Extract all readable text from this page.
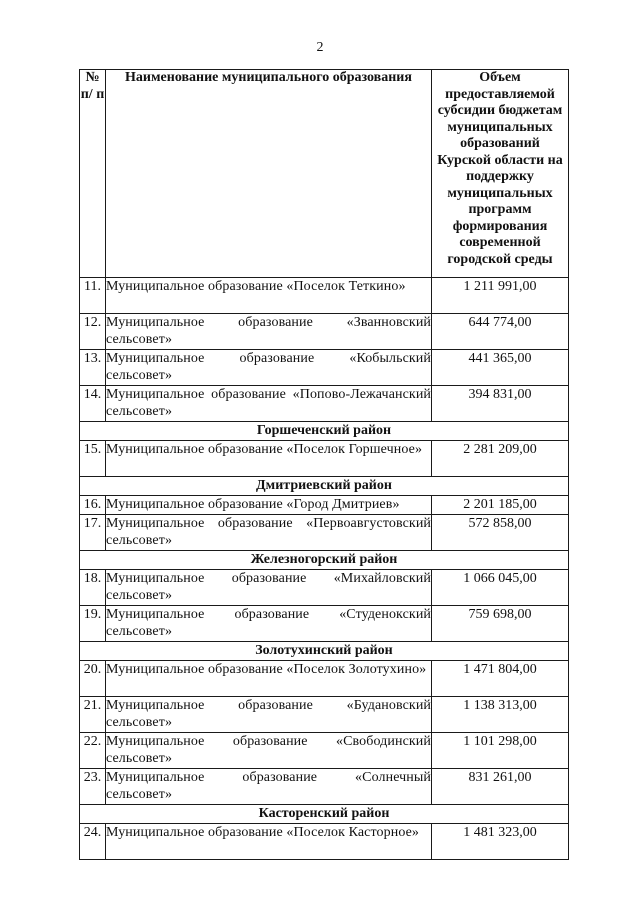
2
№ п/ п	Наименование муниципального образования	Объем предоставляемой субсидии бюджетам муниципальных образований Курской области на поддержку муниципальных программ формирования современной городской среды
11.	Муниципальное образование «Поселок Теткино»	1 211 991,00
12.	Муниципальное образование «Званновский сельсовет»	644 774,00
13.	Муниципальное образование «Кобыльский сельсовет»	441 365,00
14.	Муниципальное образование «Попово-Лежачанский сельсовет»	394 831,00
Горшеченский район		
15.	Муниципальное образование «Поселок Горшечное»	2 281 209,00
Дмитриевский район		
16.	Муниципальное образование «Город Дмитриев»	2 201 185,00
17.	Муниципальное образование «Первоавгустовский сельсовет»	572 858,00
Железногорский район		
18.	Муниципальное образование «Михайловский сельсовет»	1 066 045,00
19.	Муниципальное образование «Студенокский сельсовет»	759 698,00
Золотухинский район		
20.	Муниципальное образование «Поселок Золотухино»	1 471 804,00
21.	Муниципальное образование «Будановский сельсовет»	1 138 313,00
22.	Муниципальное образование «Свободинский сельсовет»	1 101 298,00
23.	Муниципальное образование «Солнечный сельсовет»	831 261,00
Касторенский район		
24.	Муниципальное образование «Поселок Касторное»	1 481 323,00
